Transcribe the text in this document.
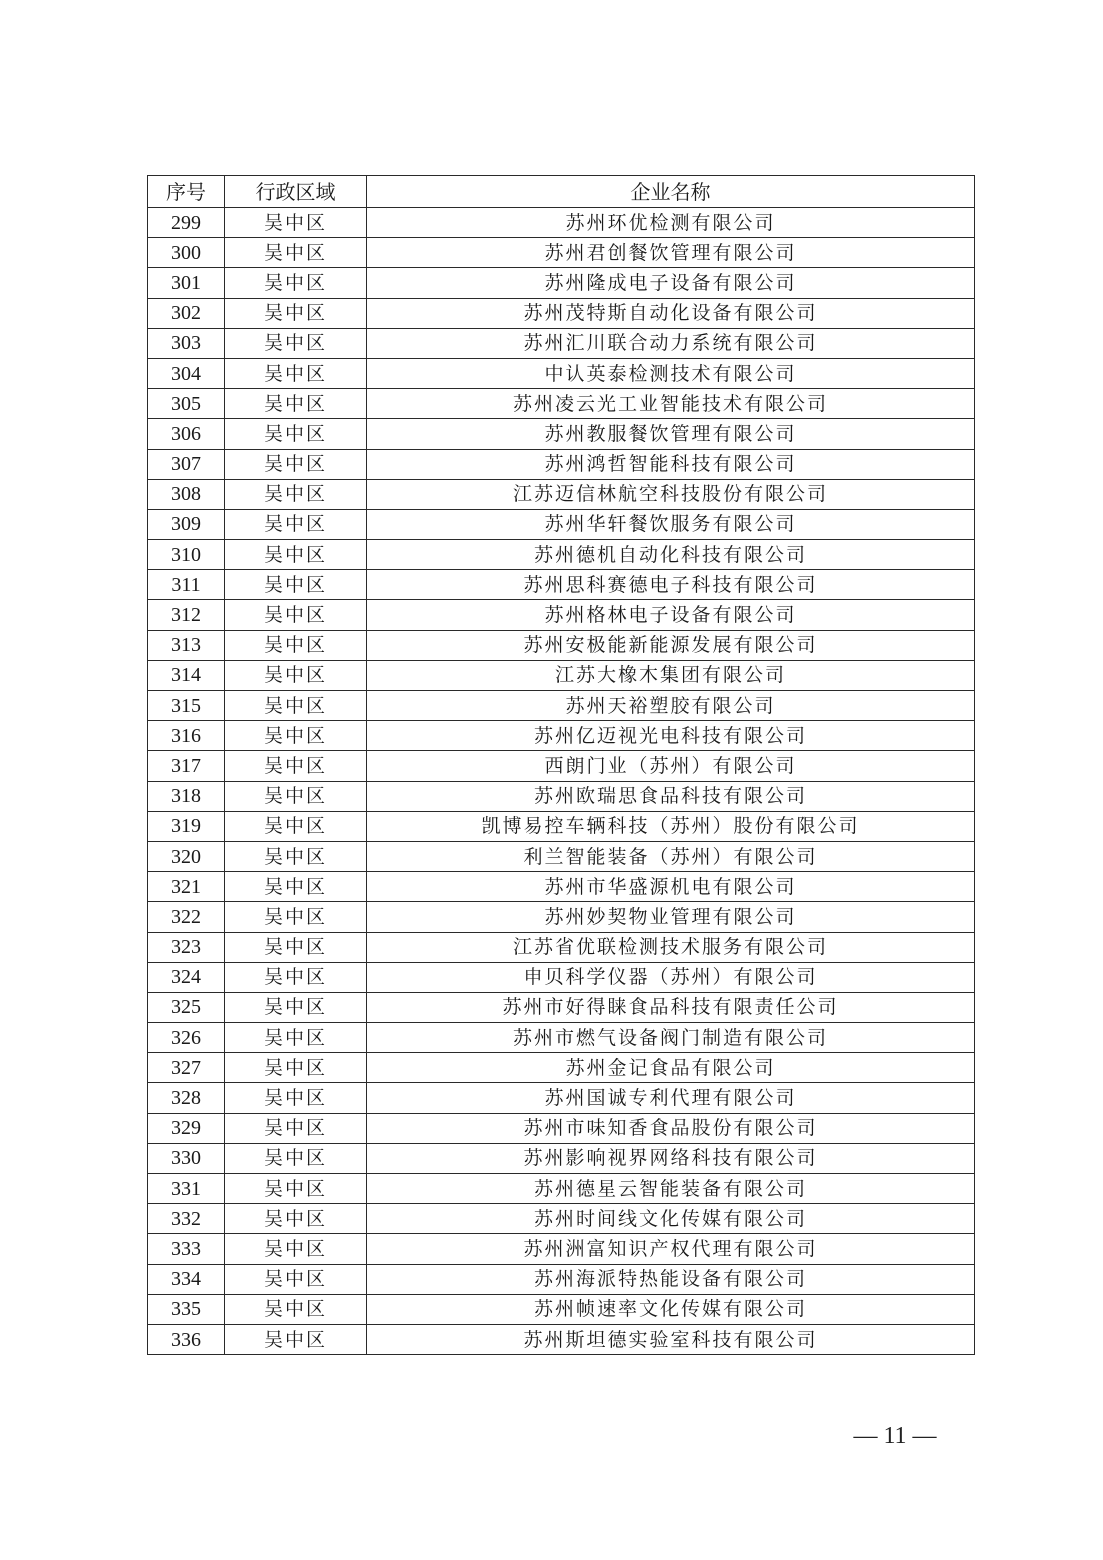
序号	行政区域	企业名称
299	吴中区	苏州环优检测有限公司
300	吴中区	苏州君创餐饮管理有限公司
301	吴中区	苏州隆成电子设备有限公司
302	吴中区	苏州茂特斯自动化设备有限公司
303	吴中区	苏州汇川联合动力系统有限公司
304	吴中区	中认英泰检测技术有限公司
305	吴中区	苏州凌云光工业智能技术有限公司
306	吴中区	苏州教服餐饮管理有限公司
307	吴中区	苏州鸿哲智能科技有限公司
308	吴中区	江苏迈信林航空科技股份有限公司
309	吴中区	苏州华轩餐饮服务有限公司
310	吴中区	苏州德机自动化科技有限公司
311	吴中区	苏州思科赛德电子科技有限公司
312	吴中区	苏州格林电子设备有限公司
313	吴中区	苏州安极能新能源发展有限公司
314	吴中区	江苏大橡木集团有限公司
315	吴中区	苏州天裕塑胶有限公司
316	吴中区	苏州亿迈视光电科技有限公司
317	吴中区	西朗门业（苏州）有限公司
318	吴中区	苏州欧瑞思食品科技有限公司
319	吴中区	凯博易控车辆科技（苏州）股份有限公司
320	吴中区	利兰智能装备（苏州）有限公司
321	吴中区	苏州市华盛源机电有限公司
322	吴中区	苏州妙契物业管理有限公司
323	吴中区	江苏省优联检测技术服务有限公司
324	吴中区	申贝科学仪器（苏州）有限公司
325	吴中区	苏州市好得睐食品科技有限责任公司
326	吴中区	苏州市燃气设备阀门制造有限公司
327	吴中区	苏州金记食品有限公司
328	吴中区	苏州国诚专利代理有限公司
329	吴中区	苏州市味知香食品股份有限公司
330	吴中区	苏州影响视界网络科技有限公司
331	吴中区	苏州德星云智能装备有限公司
332	吴中区	苏州时间线文化传媒有限公司
333	吴中区	苏州洲富知识产权代理有限公司
334	吴中区	苏州海派特热能设备有限公司
335	吴中区	苏州帧速率文化传媒有限公司
336	吴中区	苏州斯坦德实验室科技有限公司
— 11 —
